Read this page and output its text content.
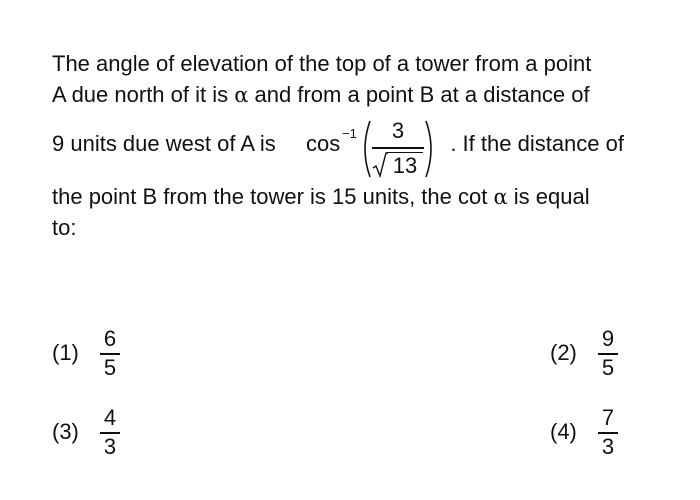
The angle of elevation of the top of a tower from a point
A due north of it is α and from a point B at a distance of
9 units due west of A is cos −1	3
13
. If the distance of
the point B from the tower is 15 units, the cot α is equal
to:
(1)
6
5
(2)
9
5
(3)
4
3
(4)
7
3
